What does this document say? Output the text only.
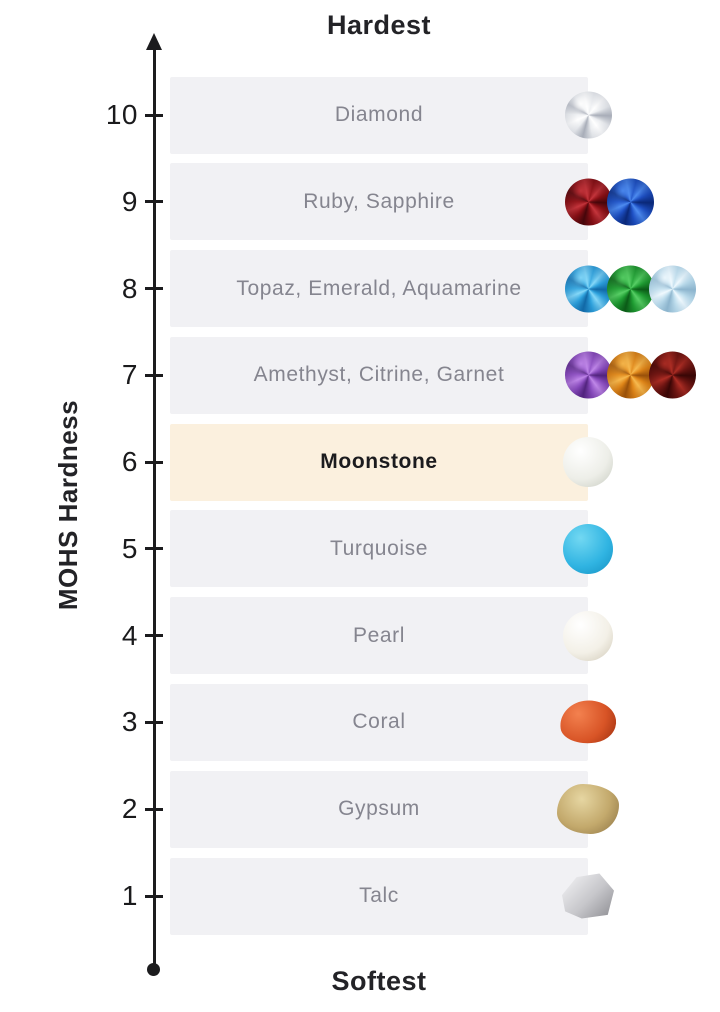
Hardest
MOHS Hardness
10	Diamond
9	Ruby, Sapphire
8	Topaz, Emerald, Aquamarine
7	Amethyst, Citrine, Garnet
6	Moonstone
5	Turquoise
4	Pearl
3	Coral
2	Gypsum
1	Talc
Softest
